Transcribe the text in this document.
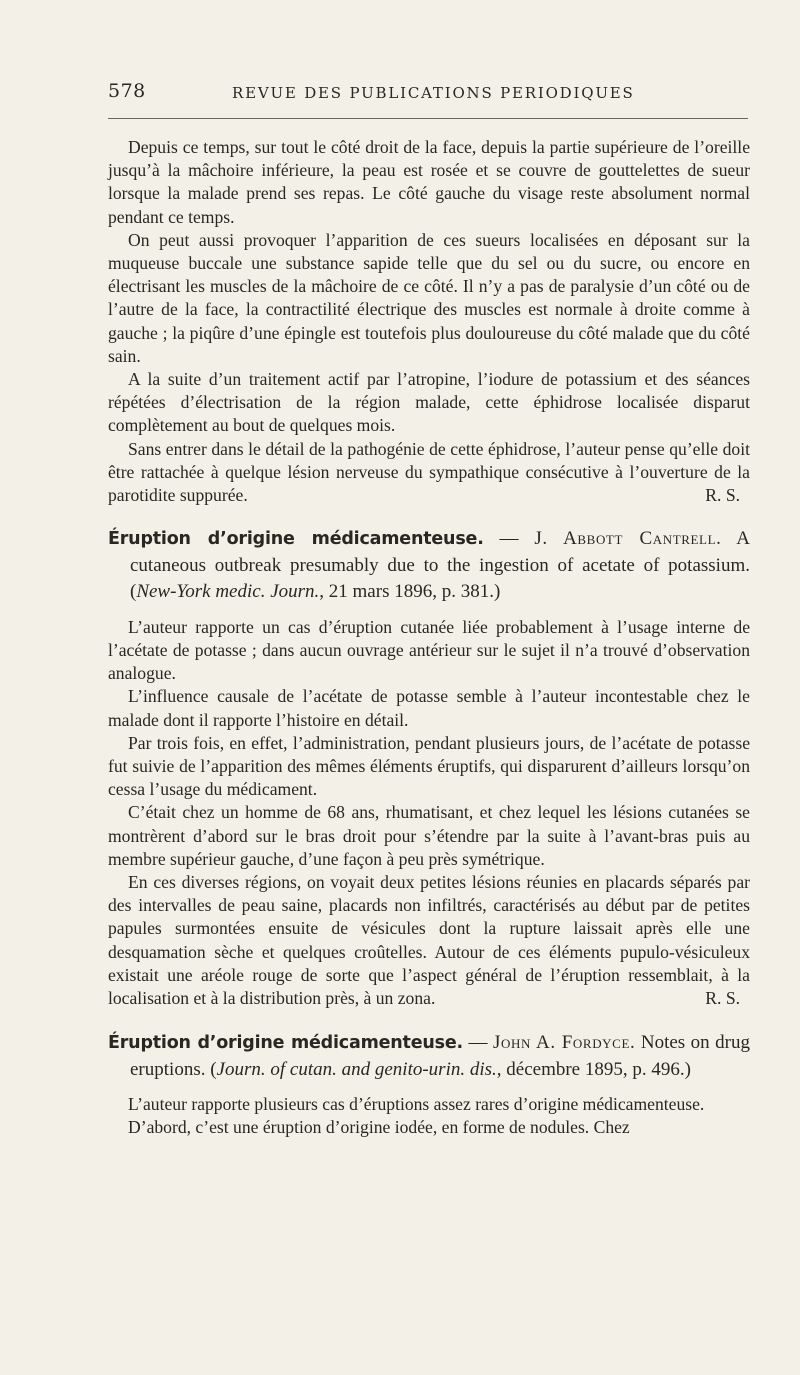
578	REVUE DES PUBLICATIONS PERIODIQUES

Depuis ce temps, sur tout le côté droit de la face, depuis la partie supérieure de l’oreille jusqu’à la mâchoire inférieure, la peau est rosée et se couvre de gouttelettes de sueur lorsque la malade prend ses repas. Le côté gauche du visage reste absolument normal pendant ce temps.

On peut aussi provoquer l’apparition de ces sueurs localisées en déposant sur la muqueuse buccale une substance sapide telle que du sel ou du sucre, ou encore en électrisant les muscles de la mâchoire de ce côté. Il n’y a pas de paralysie d’un côté ou de l’autre de la face, la contractilité électrique des muscles est normale à droite comme à gauche ; la piqûre d’une épingle est toutefois plus douloureuse du côté malade que du côté sain.

A la suite d’un traitement actif par l’atropine, l’iodure de potassium et des séances répétées d’électrisation de la région malade, cette éphidrose localisée disparut complètement au bout de quelques mois.

Sans entrer dans le détail de la pathogénie de cette éphidrose, l’auteur pense qu’elle doit être rattachée à quelque lésion nerveuse du sympathique consécutive à l’ouverture de la parotidite suppurée.	R. S.

Éruption d’origine médicamenteuse. — J. Abbott Cantrell. A cutaneous outbreak presumably due to the ingestion of acetate of potassium. (New-York medic. Journ., 21 mars 1896, p. 381.)

L’auteur rapporte un cas d’éruption cutanée liée probablement à l’usage interne de l’acétate de potasse ; dans aucun ouvrage antérieur sur le sujet il n’a trouvé d’observation analogue.

L’influence causale de l’acétate de potasse semble à l’auteur incontestable chez le malade dont il rapporte l’histoire en détail.

Par trois fois, en effet, l’administration, pendant plusieurs jours, de l’acétate de potasse fut suivie de l’apparition des mêmes éléments éruptifs, qui disparurent d’ailleurs lorsqu’on cessa l’usage du médicament.

C’était chez un homme de 68 ans, rhumatisant, et chez lequel les lésions cutanées se montrèrent d’abord sur le bras droit pour s’étendre par la suite à l’avant-bras puis au membre supérieur gauche, d’une façon à peu près symétrique.

En ces diverses régions, on voyait deux petites lésions réunies en placards séparés par des intervalles de peau saine, placards non infiltrés, caractérisés au début par de petites papules surmontées ensuite de vésicules dont la rupture laissait après elle une desquamation sèche et quelques croûtelles. Autour de ces éléments pupulo-vésiculeux existait une aréole rouge de sorte que l’aspect général de l’éruption ressemblait, à la localisation et à la distribution près, à un zona.	R. S.

Éruption d’origine médicamenteuse. — John A. Fordyce. Notes on drug eruptions. (Journ. of cutan. and genito-urin. dis., décembre 1895, p. 496.)

L’auteur rapporte plusieurs cas d’éruptions assez rares d’origine médicamenteuse.

D’abord, c’est une éruption d’origine iodée, en forme de nodules. Chez
